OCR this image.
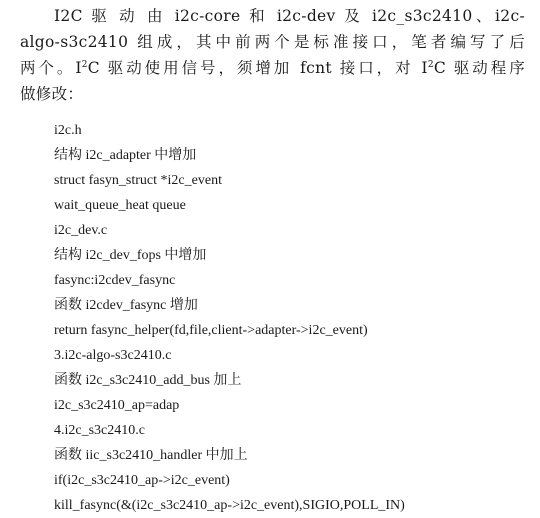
I2C 驱 动 由 i2c-core 和 i2c-dev 及 i2c_s3c2410、i2c-
algo-s3c2410 组成，其中前两个是标准接口，笔者编写了后
两个。$I^2C$ 驱动使用信号，须增加 fcnt 接口，对 $I^2C$ 驱动程序
做修改：
i2c.h
结构 i2c_adapter 中增加
struct fasyn_struct *i2c_event
wait_queue_heat queue
i2c_dev.c
结构 i2c_dev_fops 中增加
fasync:i2cdev_fasync
函数 i2cdev_fasync 增加
return fasync_helper(fd,file,client->adapter->i2c_event)
3.i2c-algo-s3c2410.c
函数 i2c_s3c2410_add_bus 加上
i2c_s3c2410_ap=adap
4.i2c_s3c2410.c
函数 iic_s3c2410_handler 中加上
if(i2c_s3c2410_ap->i2c_event)
kill_fasync(&(i2c_s3c2410_ap->i2c_event),SIGIO,POLL_IN)
